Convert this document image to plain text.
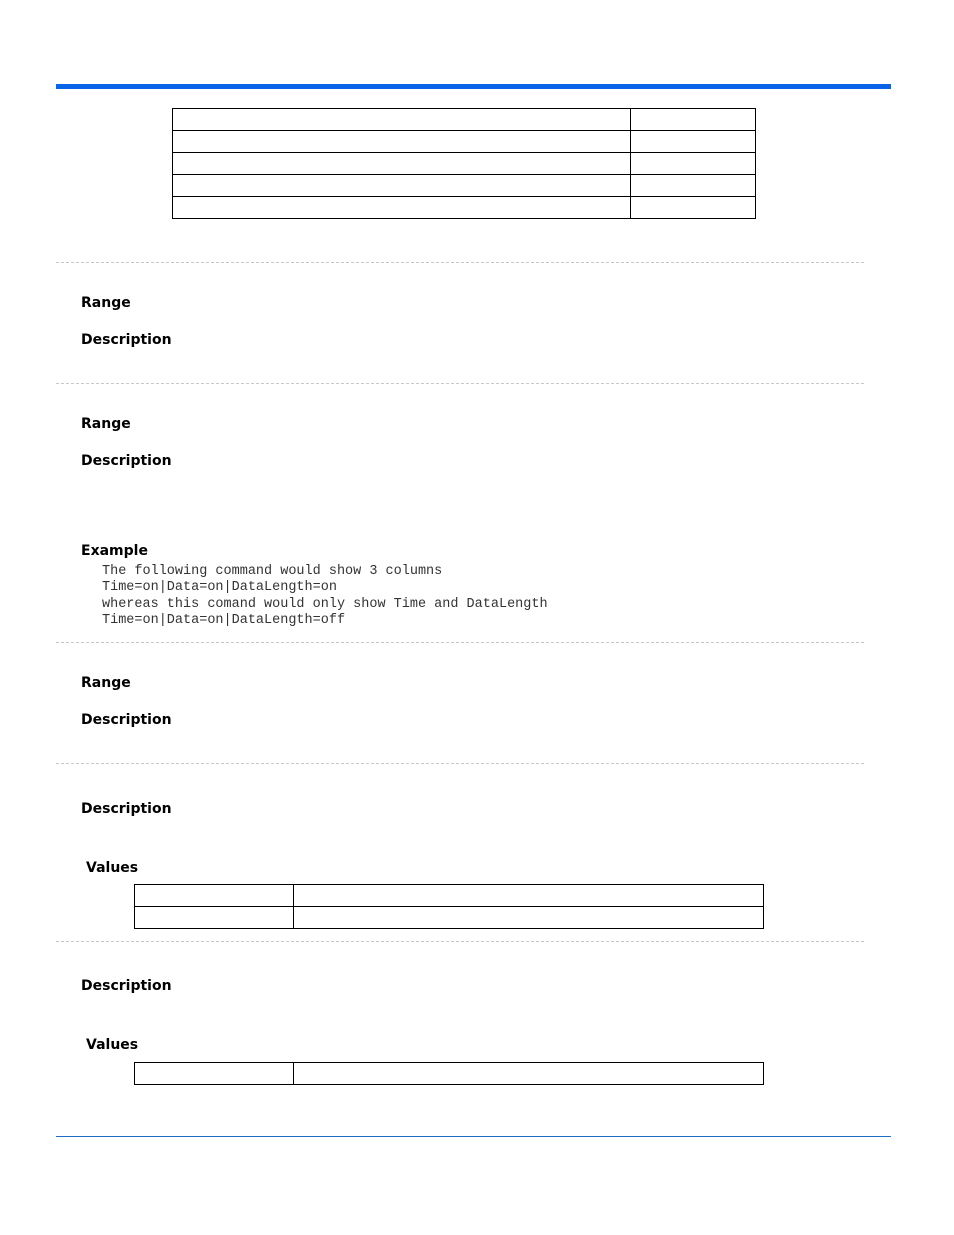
Range
Description
Range
Description
Example
The following command would show 3 columns
Time=on|Data=on|DataLength=on
whereas this comand would only show Time and DataLength
Time=on|Data=on|DataLength=off
Range
Description
Description
Values

Description
Values
